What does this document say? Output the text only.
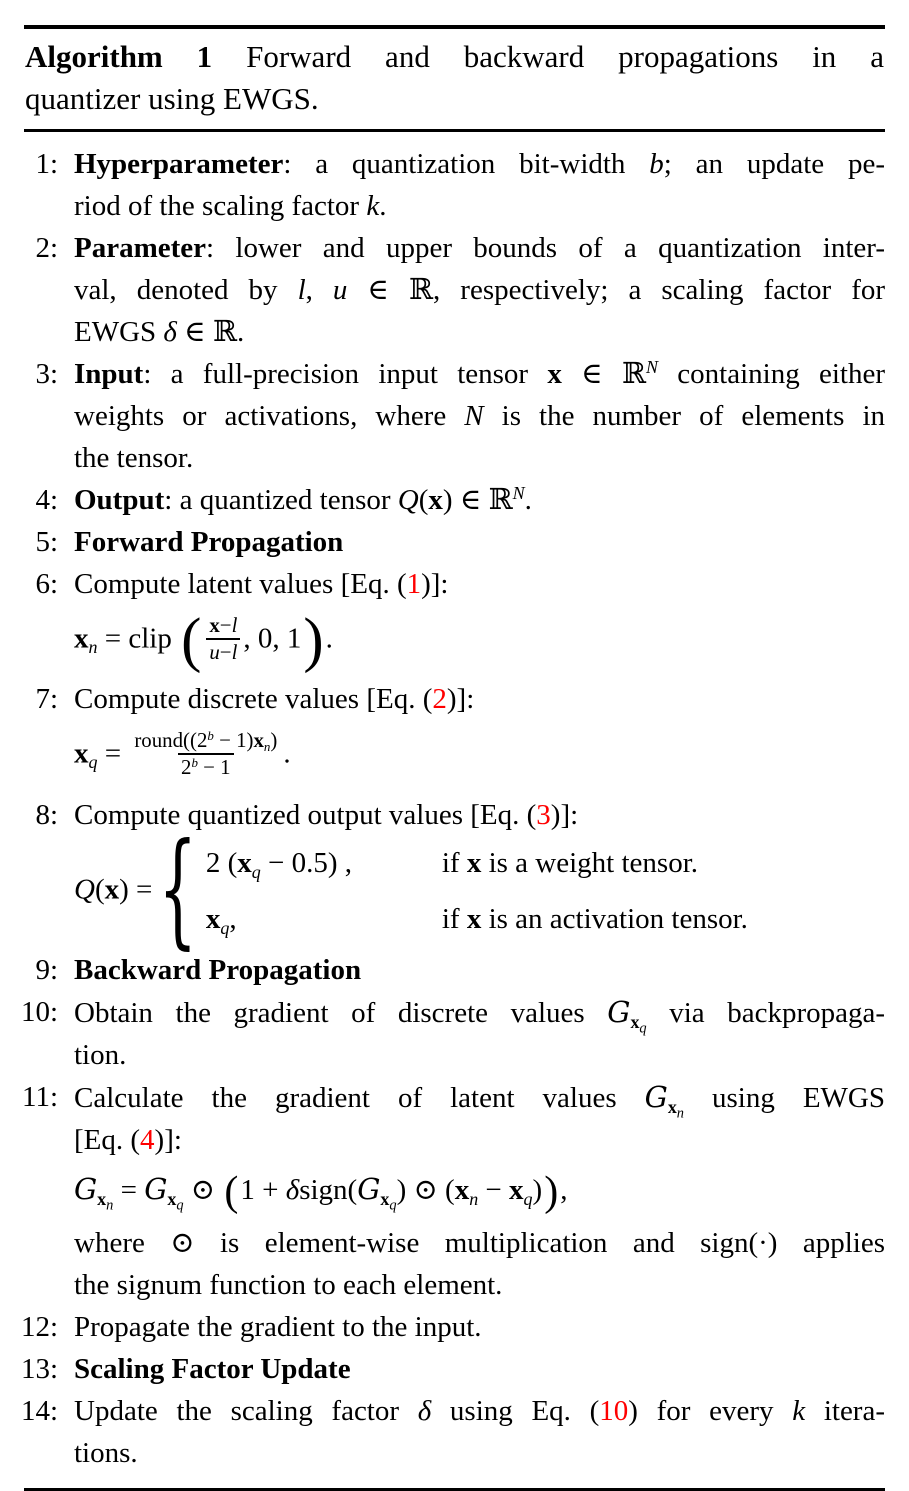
Algorithm 1 Forward and backward propagations in a
quantizer using EWGS.
1: Hyperparameter: a quantization bit-width b; an update pe-
riod of the scaling factor k.
2: Parameter: lower and upper bounds of a quantization inter-
val, denoted by l, u ∈ ℝ, respectively; a scaling factor for
EWGS δ ∈ ℝ.
3: Input: a full-precision input tensor x ∈ ℝ$^N$ containing either
weights or activations, where N is the number of elements in
the tensor.
4: Output: a quantized tensor Q(x) ∈ ℝ$^N$.
5: Forward Propagation
6: Compute latent values [Eq. (1)]:
xn = clip ( $\frac{x-l}{u-l}$ , 0, 1).
7: Compute discrete values [Eq. (2)]:
xq = $\frac{round((2^b - 1)xn)}{2^b - 1}$ .
8: Compute quantized output values [Eq. (3)]:
Q(x) = { 2 (xq − 0.5) ,	if x is a weight tensor.
xq,	if x is an activation tensor.
9: Backward Propagation
10: Obtain the gradient of discrete values $Gx_q$ via backpropaga-
tion.
11: Calculate the gradient of latent values $Gx_n$ using EWGS
[Eq. (4)]:
$Gx_n = Gx_q$ ⊙ ($1 + \delta sign(Gx_q)$ ⊙ (xn − xq)),
where ⊙ is element-wise multiplication and sign(·) applies
the signum function to each element.
12: Propagate the gradient to the input.
13: Scaling Factor Update
14: Update the scaling factor δ using Eq. (10) for every k itera-
tions.
